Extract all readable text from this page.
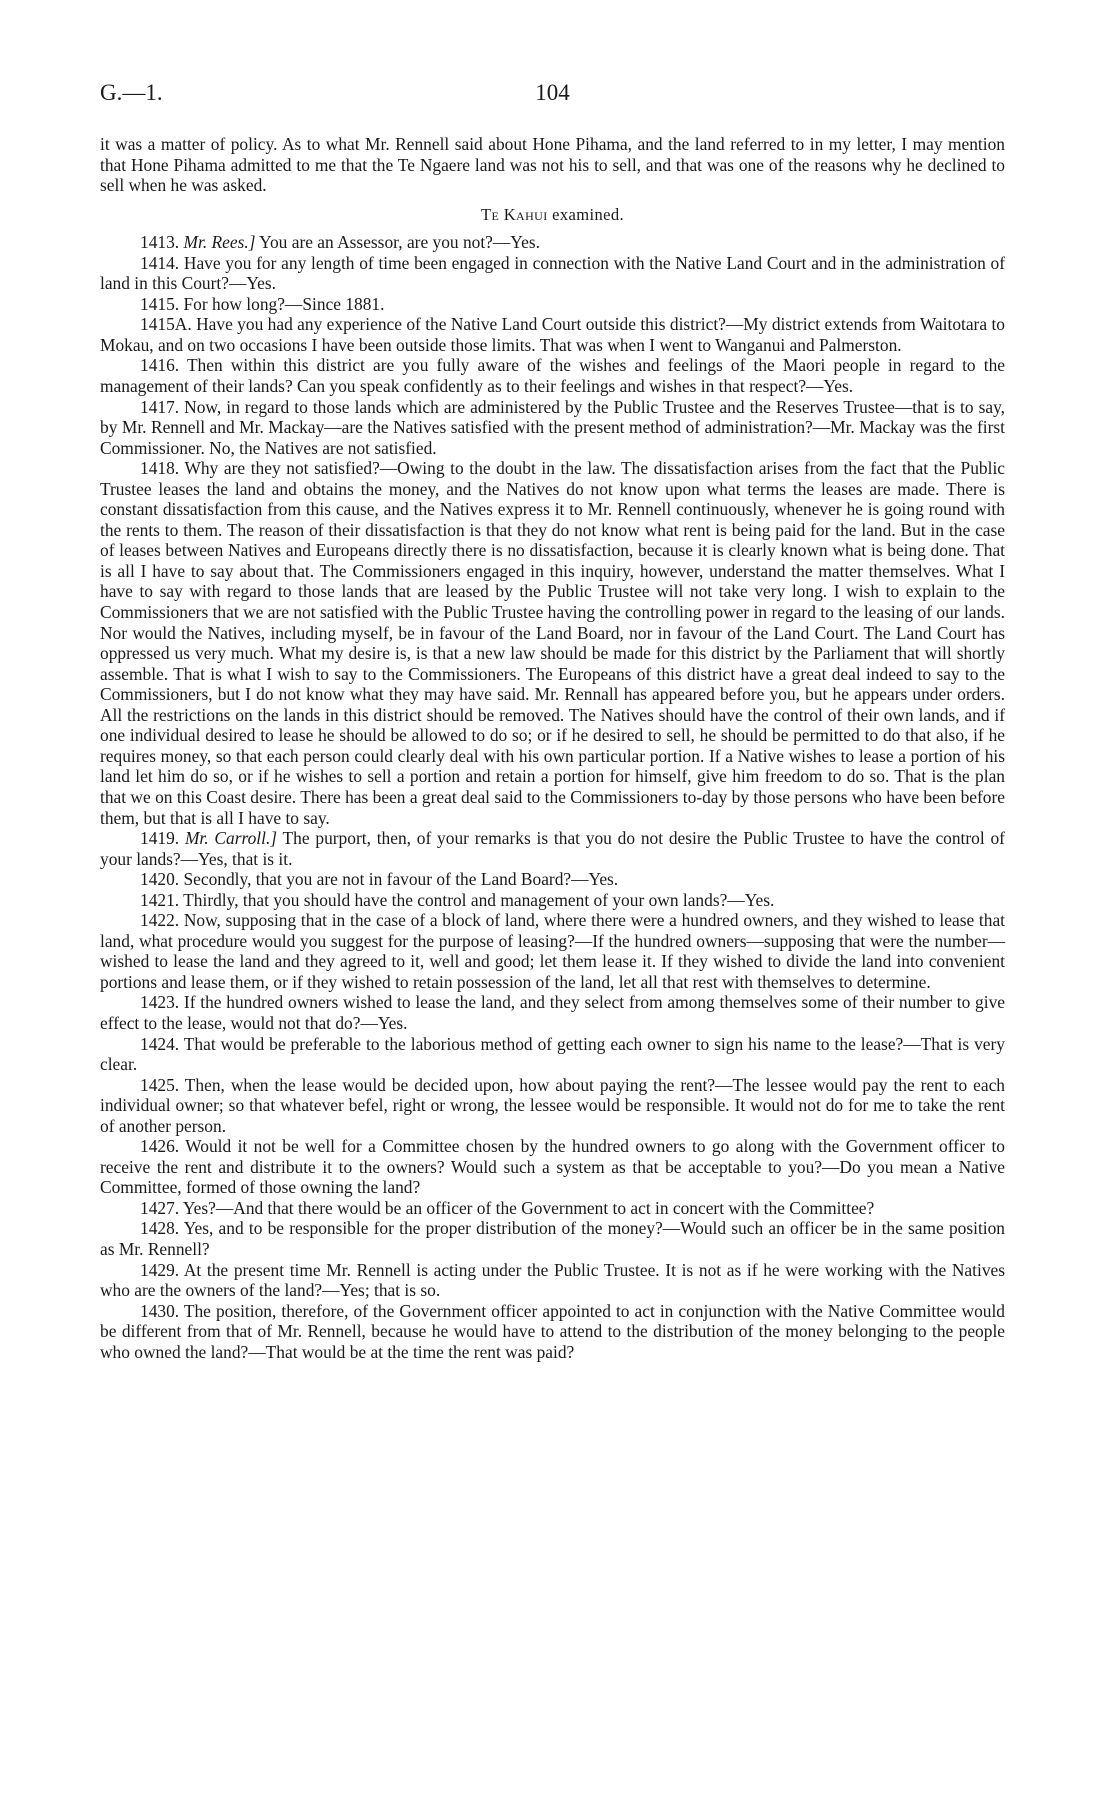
G.—1.	104

it was a matter of policy. As to what Mr. Rennell said about Hone Pihama, and the land referred to in my letter, I may mention that Hone Pihama admitted to me that the Te Ngaere land was not his to sell, and that was one of the reasons why he declined to sell when he was asked.

Te Kahui examined.

1413. Mr. Rees.] You are an Assessor, are you not?—Yes.

1414. Have you for any length of time been engaged in connection with the Native Land Court and in the administration of land in this Court?—Yes.

1415. For how long?—Since 1881.

1415A. Have you had any experience of the Native Land Court outside this district?—My district extends from Waitotara to Mokau, and on two occasions I have been outside those limits. That was when I went to Wanganui and Palmerston.

1416. Then within this district are you fully aware of the wishes and feelings of the Maori people in regard to the management of their lands? Can you speak confidently as to their feelings and wishes in that respect?—Yes.

1417. Now, in regard to those lands which are administered by the Public Trustee and the Reserves Trustee—that is to say, by Mr. Rennell and Mr. Mackay—are the Natives satisfied with the present method of administration?—Mr. Mackay was the first Commissioner. No, the Natives are not satisfied.

1418. Why are they not satisfied?—Owing to the doubt in the law. The dissatisfaction arises from the fact that the Public Trustee leases the land and obtains the money, and the Natives do not know upon what terms the leases are made. There is constant dissatisfaction from this cause, and the Natives express it to Mr. Rennell continuously, whenever he is going round with the rents to them. The reason of their dissatisfaction is that they do not know what rent is being paid for the land. But in the case of leases between Natives and Europeans directly there is no dissatisfaction, because it is clearly known what is being done. That is all I have to say about that. The Commissioners engaged in this inquiry, however, understand the matter themselves. What I have to say with regard to those lands that are leased by the Public Trustee will not take very long. I wish to explain to the Commissioners that we are not satisfied with the Public Trustee having the controlling power in regard to the leasing of our lands. Nor would the Natives, including myself, be in favour of the Land Board, nor in favour of the Land Court. The Land Court has oppressed us very much. What my desire is, is that a new law should be made for this district by the Parliament that will shortly assemble. That is what I wish to say to the Commissioners. The Europeans of this district have a great deal indeed to say to the Commissioners, but I do not know what they may have said. Mr. Rennall has appeared before you, but he appears under orders. All the restrictions on the lands in this district should be removed. The Natives should have the control of their own lands, and if one individual desired to lease he should be allowed to do so; or if he desired to sell, he should be permitted to do that also, if he requires money, so that each person could clearly deal with his own particular portion. If a Native wishes to lease a portion of his land let him do so, or if he wishes to sell a portion and retain a portion for himself, give him freedom to do so. That is the plan that we on this Coast desire. There has been a great deal said to the Commissioners to-day by those persons who have been before them, but that is all I have to say.

1419. Mr. Carroll.] The purport, then, of your remarks is that you do not desire the Public Trustee to have the control of your lands?—Yes, that is it.

1420. Secondly, that you are not in favour of the Land Board?—Yes.

1421. Thirdly, that you should have the control and management of your own lands?—Yes.

1422. Now, supposing that in the case of a block of land, where there were a hundred owners, and they wished to lease that land, what procedure would you suggest for the purpose of leasing?—If the hundred owners—supposing that were the number—wished to lease the land and they agreed to it, well and good; let them lease it. If they wished to divide the land into convenient portions and lease them, or if they wished to retain possession of the land, let all that rest with themselves to determine.

1423. If the hundred owners wished to lease the land, and they select from among themselves some of their number to give effect to the lease, would not that do?—Yes.

1424. That would be preferable to the laborious method of getting each owner to sign his name to the lease?—That is very clear.

1425. Then, when the lease would be decided upon, how about paying the rent?—The lessee would pay the rent to each individual owner; so that whatever befel, right or wrong, the lessee would be responsible. It would not do for me to take the rent of another person.

1426. Would it not be well for a Committee chosen by the hundred owners to go along with the Government officer to receive the rent and distribute it to the owners? Would such a system as that be acceptable to you?—Do you mean a Native Committee, formed of those owning the land?

1427. Yes?—And that there would be an officer of the Government to act in concert with the Committee?

1428. Yes, and to be responsible for the proper distribution of the money?—Would such an officer be in the same position as Mr. Rennell?

1429. At the present time Mr. Rennell is acting under the Public Trustee. It is not as if he were working with the Natives who are the owners of the land?—Yes; that is so.

1430. The position, therefore, of the Government officer appointed to act in conjunction with the Native Committee would be different from that of Mr. Rennell, because he would have to attend to the distribution of the money belonging to the people who owned the land?—That would be at the time the rent was paid?
